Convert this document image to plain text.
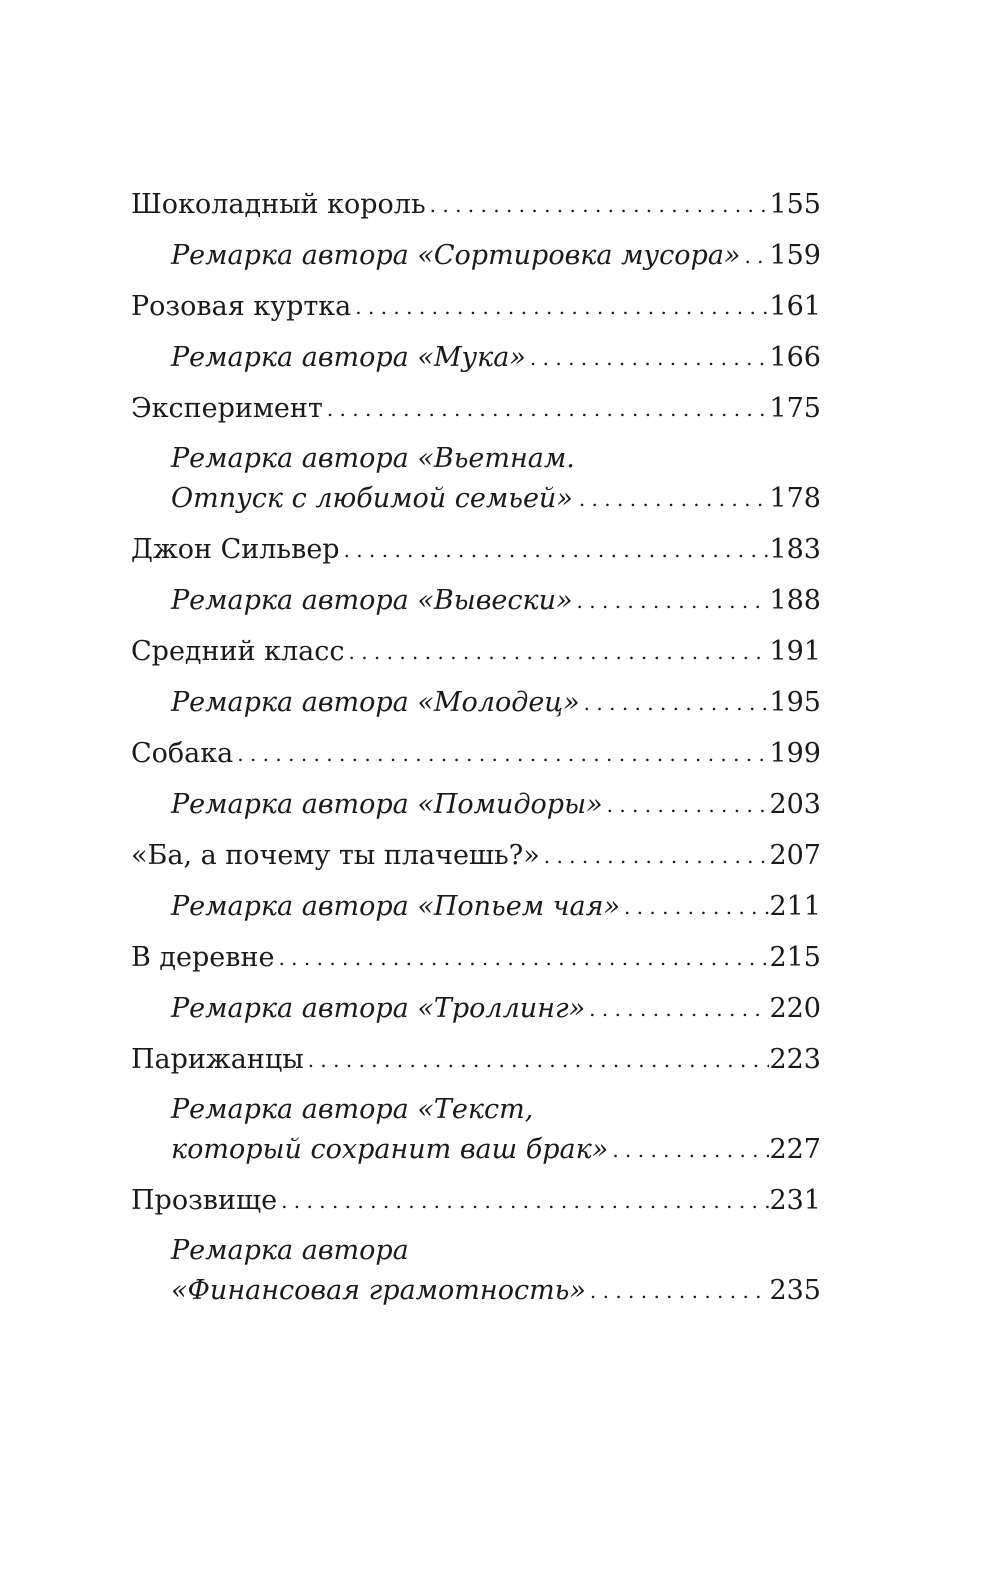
Шоколадный король . . .	155
Ремарка автора «Сортировка мусора» . . . 159
Розовая куртка . . .	161
Ремарка автора «Мука» . . .	166
Эксперимент . . .	175
Ремарка автора «Вьетнам.
Отпуск с любимой семьей» . . .	178
Джон Сильвер . . .	183
Ремарка автора «Вывески» . . .	188
Средний класс . . .	191
Ремарка автора «Молодец» . . .	195
Собака . . .	199
Ремарка автора «Помидоры» . . .	203
«Ба, а почему ты плачешь?» . . .	207
Ремарка автора «Попьем чая» . . .	211
В деревне . . .	215
Ремарка автора «Троллинг» . . .	220
Парижанцы . . .	223
Ремарка автора «Текст,
который сохранит ваш брак» . . .	227
Прозвище . . .	231
Ремарка автора
«Финансовая грамотность» . . .	235
